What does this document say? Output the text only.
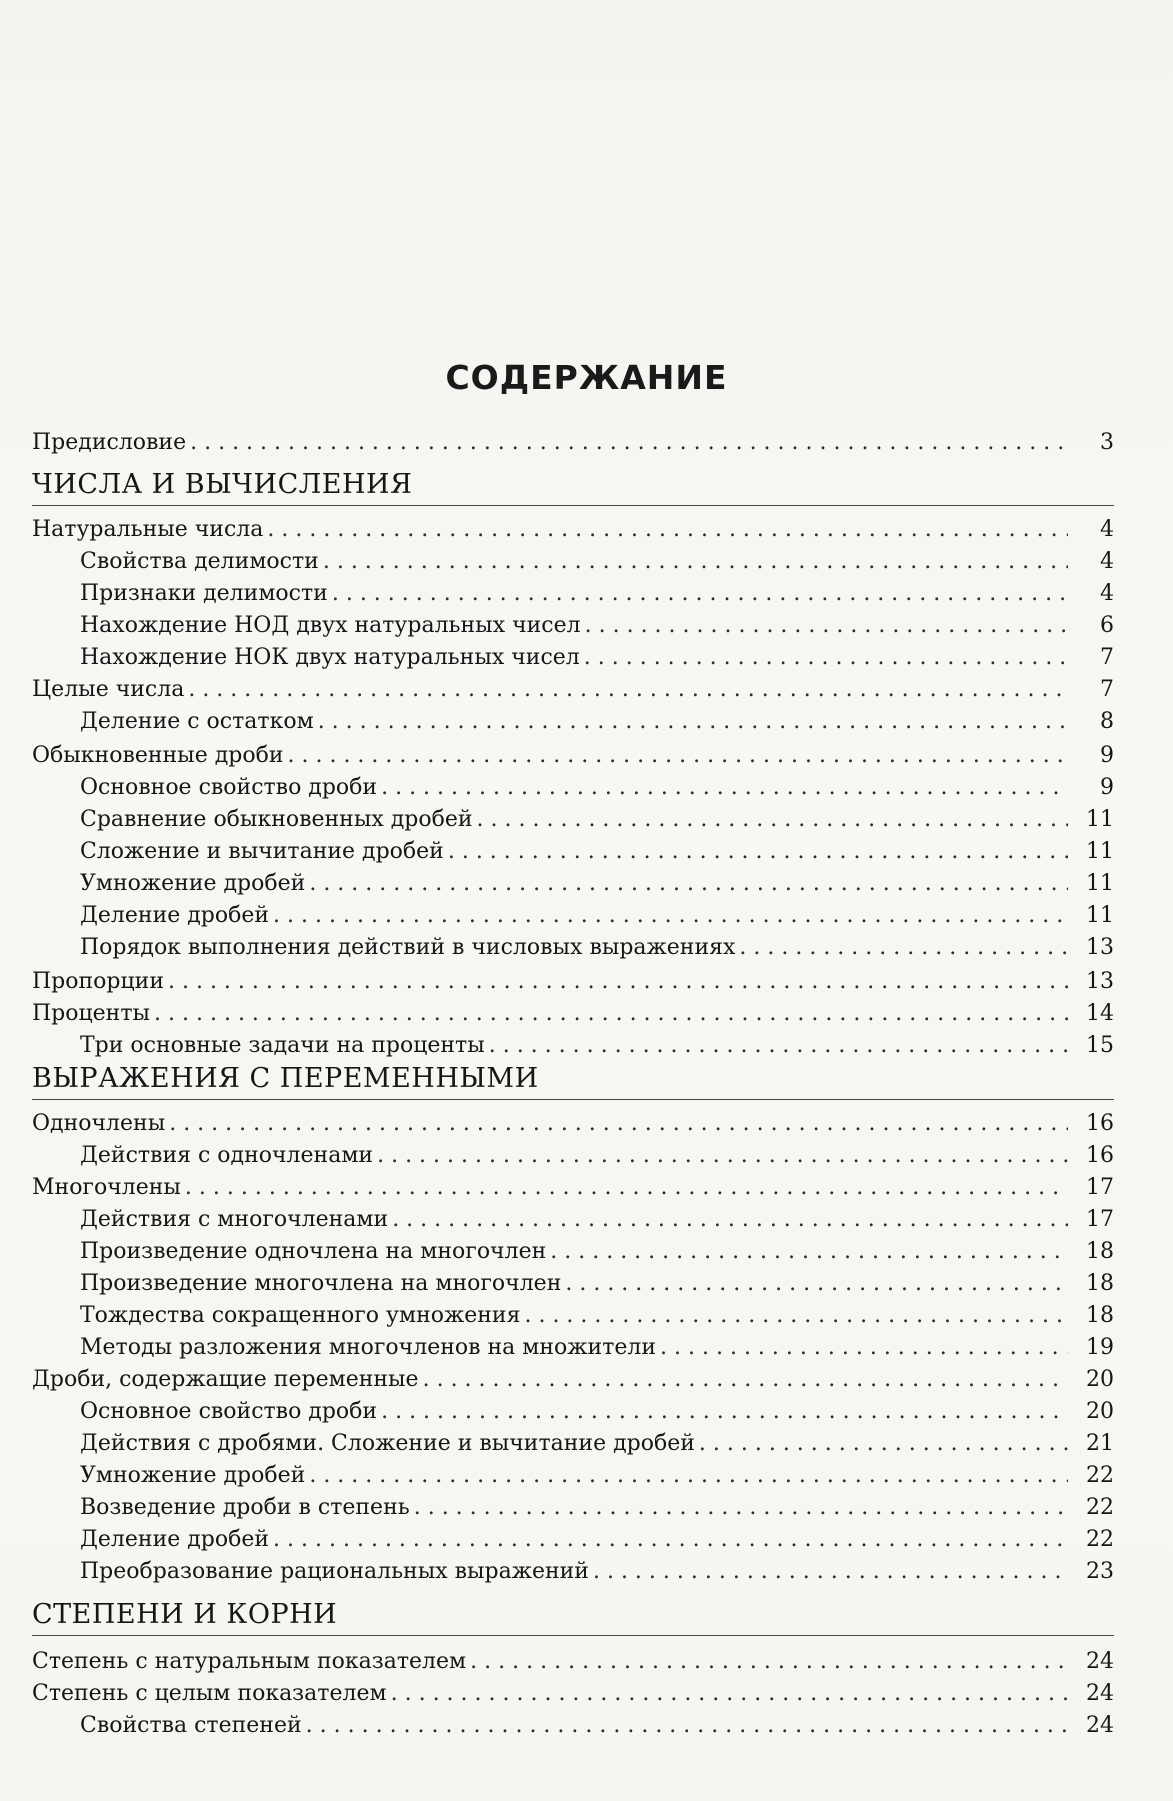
СОДЕРЖАНИЕ
Предисловие . . .	3
ЧИСЛА И ВЫЧИСЛЕНИЯ
Натуральные числа . . .	4
Свойства делимости . . .	4
Признаки делимости . . .	4
Нахождение НОД двух натуральных чисел . . .	6
Нахождение НОК двух натуральных чисел . . .	7
Целые числа . . .	7
Деление с остатком . . .	8
Обыкновенные дроби . . .	9
Основное свойство дроби . . .	9
Сравнение обыкновенных дробей . . .	11
Сложение и вычитание дробей . . .	11
Умножение дробей . . .	11
Деление дробей . . .	11
Порядок выполнения действий в числовых выражениях . . .	13
Пропорции . . .	13
Проценты . . .	14
Три основные задачи на проценты . . .	15
ВЫРАЖЕНИЯ С ПЕРЕМЕННЫМИ
Одночлены . . .	16
Действия с одночленами . . .	16
Многочлены . . .	17
Действия с многочленами . . .	17
Произведение одночлена на многочлен . . .	18
Произведение многочлена на многочлен . . .	18
Тождества сокращенного умножения . . .	18
Методы разложения многочленов на множители . . .	19
Дроби, содержащие переменные . . .	20
Основное свойство дроби . . .	20
Действия с дробями. Сложение и вычитание дробей . . .	21
Умножение дробей . . .	22
Возведение дроби в степень . . .	22
Деление дробей . . .	22
Преобразование рациональных выражений . . .	23
СТЕПЕНИ И КОРНИ
Степень с натуральным показателем . . .	24
Степень с целым показателем . . .	24
Свойства степеней . . .	24
